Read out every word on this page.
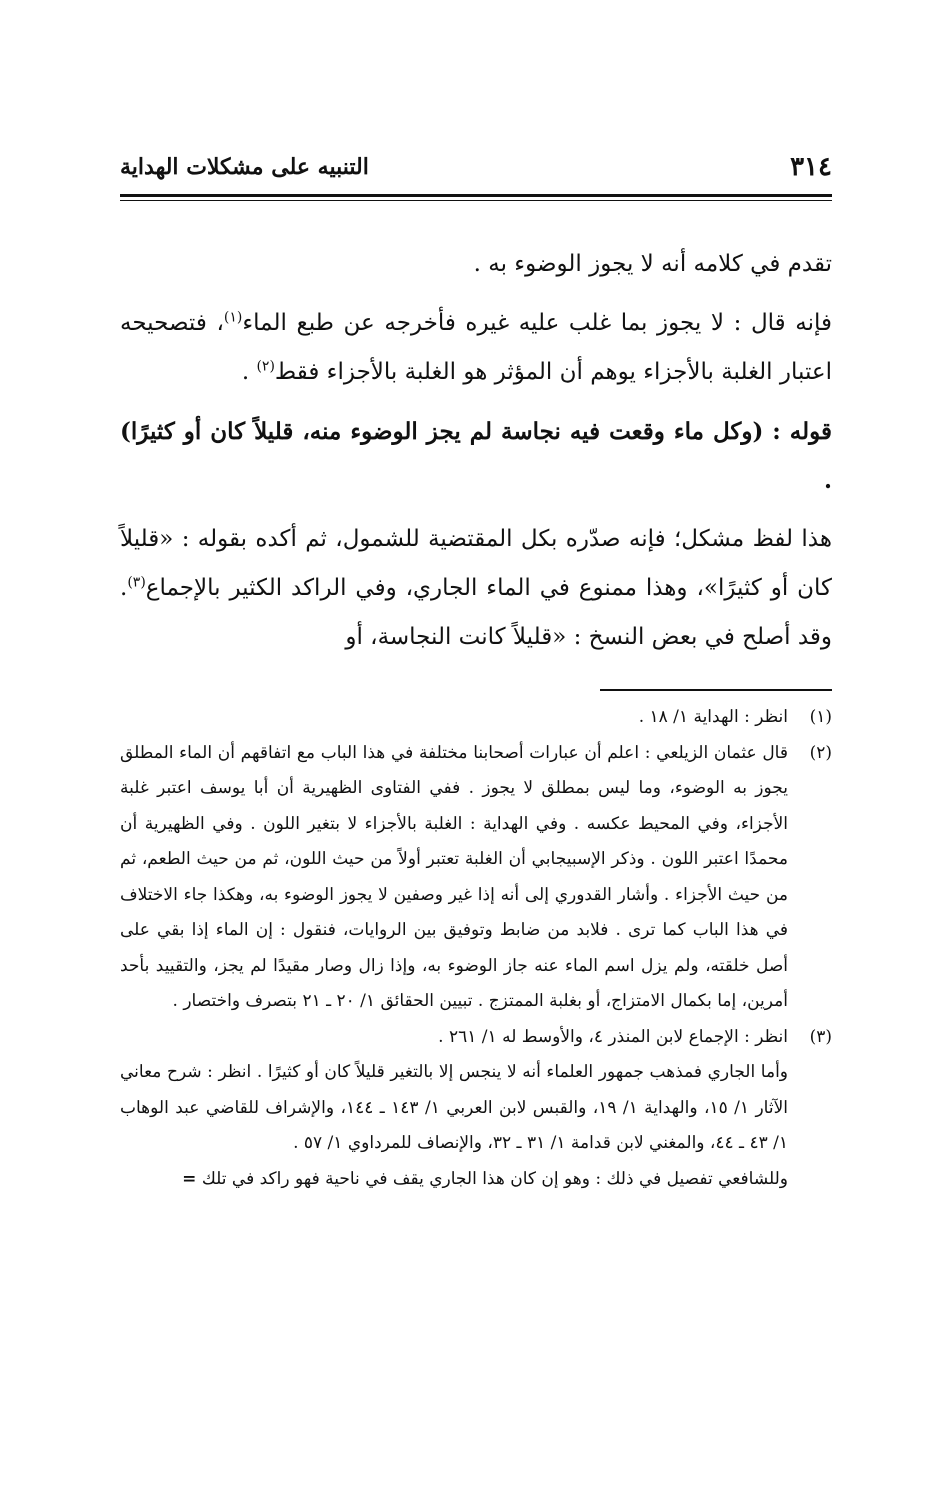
٣١٤
التنبيه على مشكلات الهداية

تقدم في كلامه أنه لا يجوز الوضوء به .

فإنه قال : لا يجوز بما غلب عليه غيره فأخرجه عن طبع الماء$^{(١)}$، فتصحيحه اعتبار الغلبة بالأجزاء يوهم أن المؤثر هو الغلبة بالأجزاء فقط$^{(٢)}$ .

قوله : (وكل ماء وقعت فيه نجاسة لم يجز الوضوء منه، قليلاً كان أو كثيرًا) .

هذا لفظ مشكل؛ فإنه صدّره بكل المقتضية للشمول، ثم أكده بقوله : «قليلاً كان أو كثيرًا»، وهذا ممنوع في الماء الجاري، وفي الراكد الكثير بالإجماع$^{(٣)}$. وقد أصلح في بعض النسخ : «قليلاً كانت النجاسة، أو

(١)
انظر : الهداية ١/ ١٨ .

(٢)
قال عثمان الزيلعي : اعلم أن عبارات أصحابنا مختلفة في هذا الباب مع اتفاقهم أن الماء المطلق يجوز به الوضوء، وما ليس بمطلق لا يجوز . ففي الفتاوى الظهيرية أن أبا يوسف اعتبر غلبة الأجزاء، وفي المحيط عكسه . وفي الهداية : الغلبة بالأجزاء لا بتغير اللون . وفي الظهيرية أن محمدًا اعتبر اللون . وذكر الإسبيجابي أن الغلبة تعتبر أولاً من حيث اللون، ثم من حيث الطعم، ثم من حيث الأجزاء . وأشار القدوري إلى أنه إذا غير وصفين لا يجوز الوضوء به، وهكذا جاء الاختلاف في هذا الباب كما ترى . فلابد من ضابط وتوفيق بين الروايات، فنقول : إن الماء إذا بقي على أصل خلقته، ولم يزل اسم الماء عنه جاز الوضوء به، وإذا زال وصار مقيدًا لم يجز، والتقييد بأحد أمرين، إما بكمال الامتزاج، أو بغلبة الممتزج . تبيين الحقائق ١/ ٢٠ ـ ٢١ بتصرف واختصار .

(٣)
انظر : الإجماع لابن المنذر ٤، والأوسط له ١/ ٢٦١ .

وأما الجاري فمذهب جمهور العلماء أنه لا ينجس إلا بالتغير قليلاً كان أو كثيرًا . انظر : شرح معاني الآثار ١/ ١٥، والهداية ١/ ١٩، والقبس لابن العربي ١/ ١٤٣ ـ ١٤٤، والإشراف للقاضي عبد الوهاب ١/ ٤٣ ـ ٤٤، والمغني لابن قدامة ١/ ٣١ ـ ٣٢، والإنصاف للمرداوي ١/ ٥٧ .

وللشافعي تفصيل في ذلك : وهو إن كان هذا الجاري يقف في ناحية فهو راكد في تلك =
